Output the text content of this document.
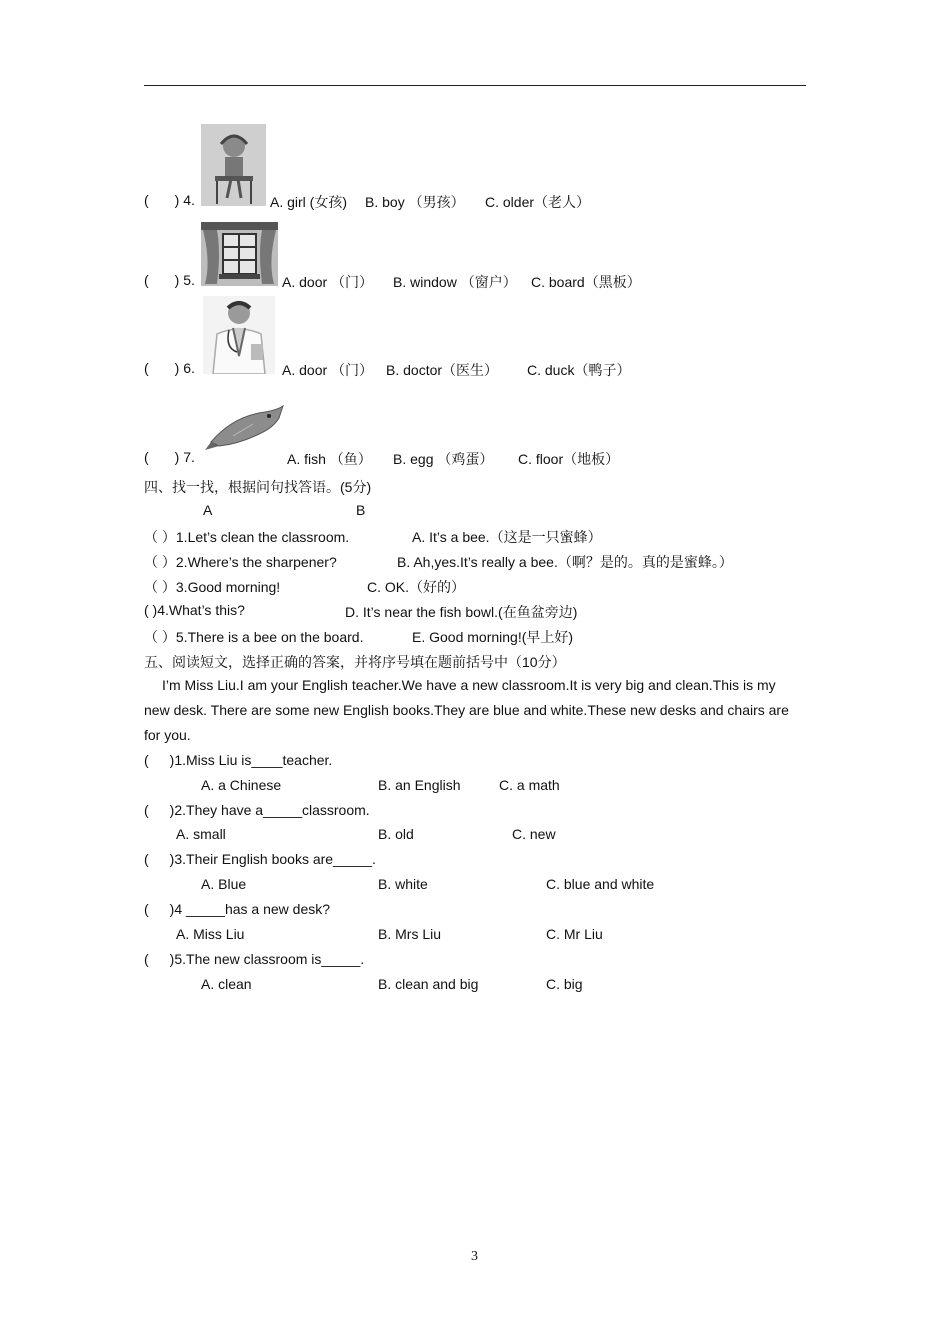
( ) 4.	A. girl (女孩) B. boy （男孩） C. older（老人）
( ) 5.	A. door （门） B. window （窗户） C. board（黑板）
( ) 6.	A. door （门） B. doctor（医生） C. duck（鸭子）
( ) 7.	A. fish （鱼） B. egg （鸡蛋） C. floor（地板）
四、找一找，根据问句找答语。(5分)
A	B
（ ）1.Let’s clean the classroom.	A. It’s a bee.（这是一只蜜蜂）
（ ）2.Where’s the sharpener?	B. Ah,yes.It’s really a bee.（啊？是的。真的是蜜蜂。）
（ ）3.Good morning!	C. OK.（好的）
( )4.What’s this?	D. It’s near the fish bowl.(在鱼盆旁边)
（ ）5.There is a bee on the board.	E. Good morning!(早上好)
五、阅读短文，选择正确的答案，并将序号填在题前括号中（10分）
I’m Miss Liu.I am your English teacher.We have a new classroom.It is very big and clean.This is my
new desk. There are some new English books.They are blue and white.These new desks and chairs are
for you.
( )1.Miss Liu is____teacher.
A. a Chinese	B. an English	C. a math
( )2.They have a_____classroom.
A. small	B. old	C. new
( )3.Their English books are_____.
A. Blue	B. white	C. blue and white
( )4 _____has a new desk?
A. Miss Liu	B. Mrs Liu	C. Mr Liu
( )5.The new classroom is_____.
A. clean	B. clean and big	C. big
3
